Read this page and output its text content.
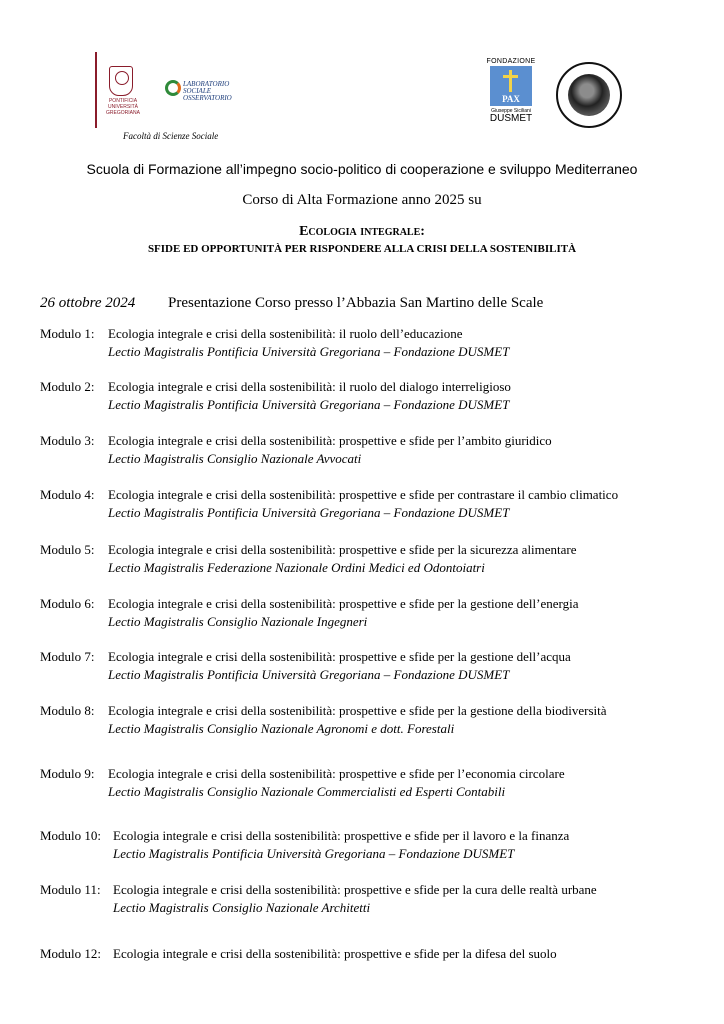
PONTIFICIA UNIVERSITÀ GREGORIANA
LABORATORIO SOCIALE OSSERVATORIO
Facoltà di Scienze Sociale
FONDAZIONE
PAX
Giuseppe Siciliani
DUSMET
Scuola di Formazione all’impegno socio-politico di cooperazione e sviluppo Mediterraneo
Corso di Alta Formazione anno 2025 su
Ecologia integrale:
SFIDE ED OPPORTUNITÀ PER RISPONDERE ALLA CRISI DELLA SOSTENIBILITÀ
26 ottobre 2024 Presentazione Corso presso l’Abbazia San Martino delle Scale
Modulo 1: Ecologia integrale e crisi della sostenibilità: il ruolo dell’educazione
Lectio Magistralis Pontificia Università Gregoriana – Fondazione DUSMET
Modulo 2: Ecologia integrale e crisi della sostenibilità: il ruolo del dialogo interreligioso
Lectio Magistralis Pontificia Università Gregoriana – Fondazione DUSMET
Modulo 3: Ecologia integrale e crisi della sostenibilità: prospettive e sfide per l’ambito giuridico
Lectio Magistralis Consiglio Nazionale Avvocati
Modulo 4: Ecologia integrale e crisi della sostenibilità: prospettive e sfide per contrastare il cambio climatico
Lectio Magistralis Pontificia Università Gregoriana – Fondazione DUSMET
Modulo 5: Ecologia integrale e crisi della sostenibilità: prospettive e sfide per la sicurezza alimentare
Lectio Magistralis Federazione Nazionale Ordini Medici ed Odontoiatri
Modulo 6: Ecologia integrale e crisi della sostenibilità: prospettive e sfide per la gestione dell’energia
Lectio Magistralis Consiglio Nazionale Ingegneri
Modulo 7: Ecologia integrale e crisi della sostenibilità: prospettive e sfide per la gestione dell’acqua
Lectio Magistralis Pontificia Università Gregoriana – Fondazione DUSMET
Modulo 8: Ecologia integrale e crisi della sostenibilità: prospettive e sfide per la gestione della biodiversità
Lectio Magistralis Consiglio Nazionale Agronomi e dott. Forestali
Modulo 9: Ecologia integrale e crisi della sostenibilità: prospettive e sfide per l’economia circolare
Lectio Magistralis Consiglio Nazionale Commercialisti ed Esperti Contabili
Modulo 10: Ecologia integrale e crisi della sostenibilità: prospettive e sfide per il lavoro e la finanza
Lectio Magistralis Pontificia Università Gregoriana – Fondazione DUSMET
Modulo 11: Ecologia integrale e crisi della sostenibilità: prospettive e sfide per la cura delle realtà urbane
Lectio Magistralis Consiglio Nazionale Architetti
Modulo 12: Ecologia integrale e crisi della sostenibilità: prospettive e sfide per la difesa del suolo
